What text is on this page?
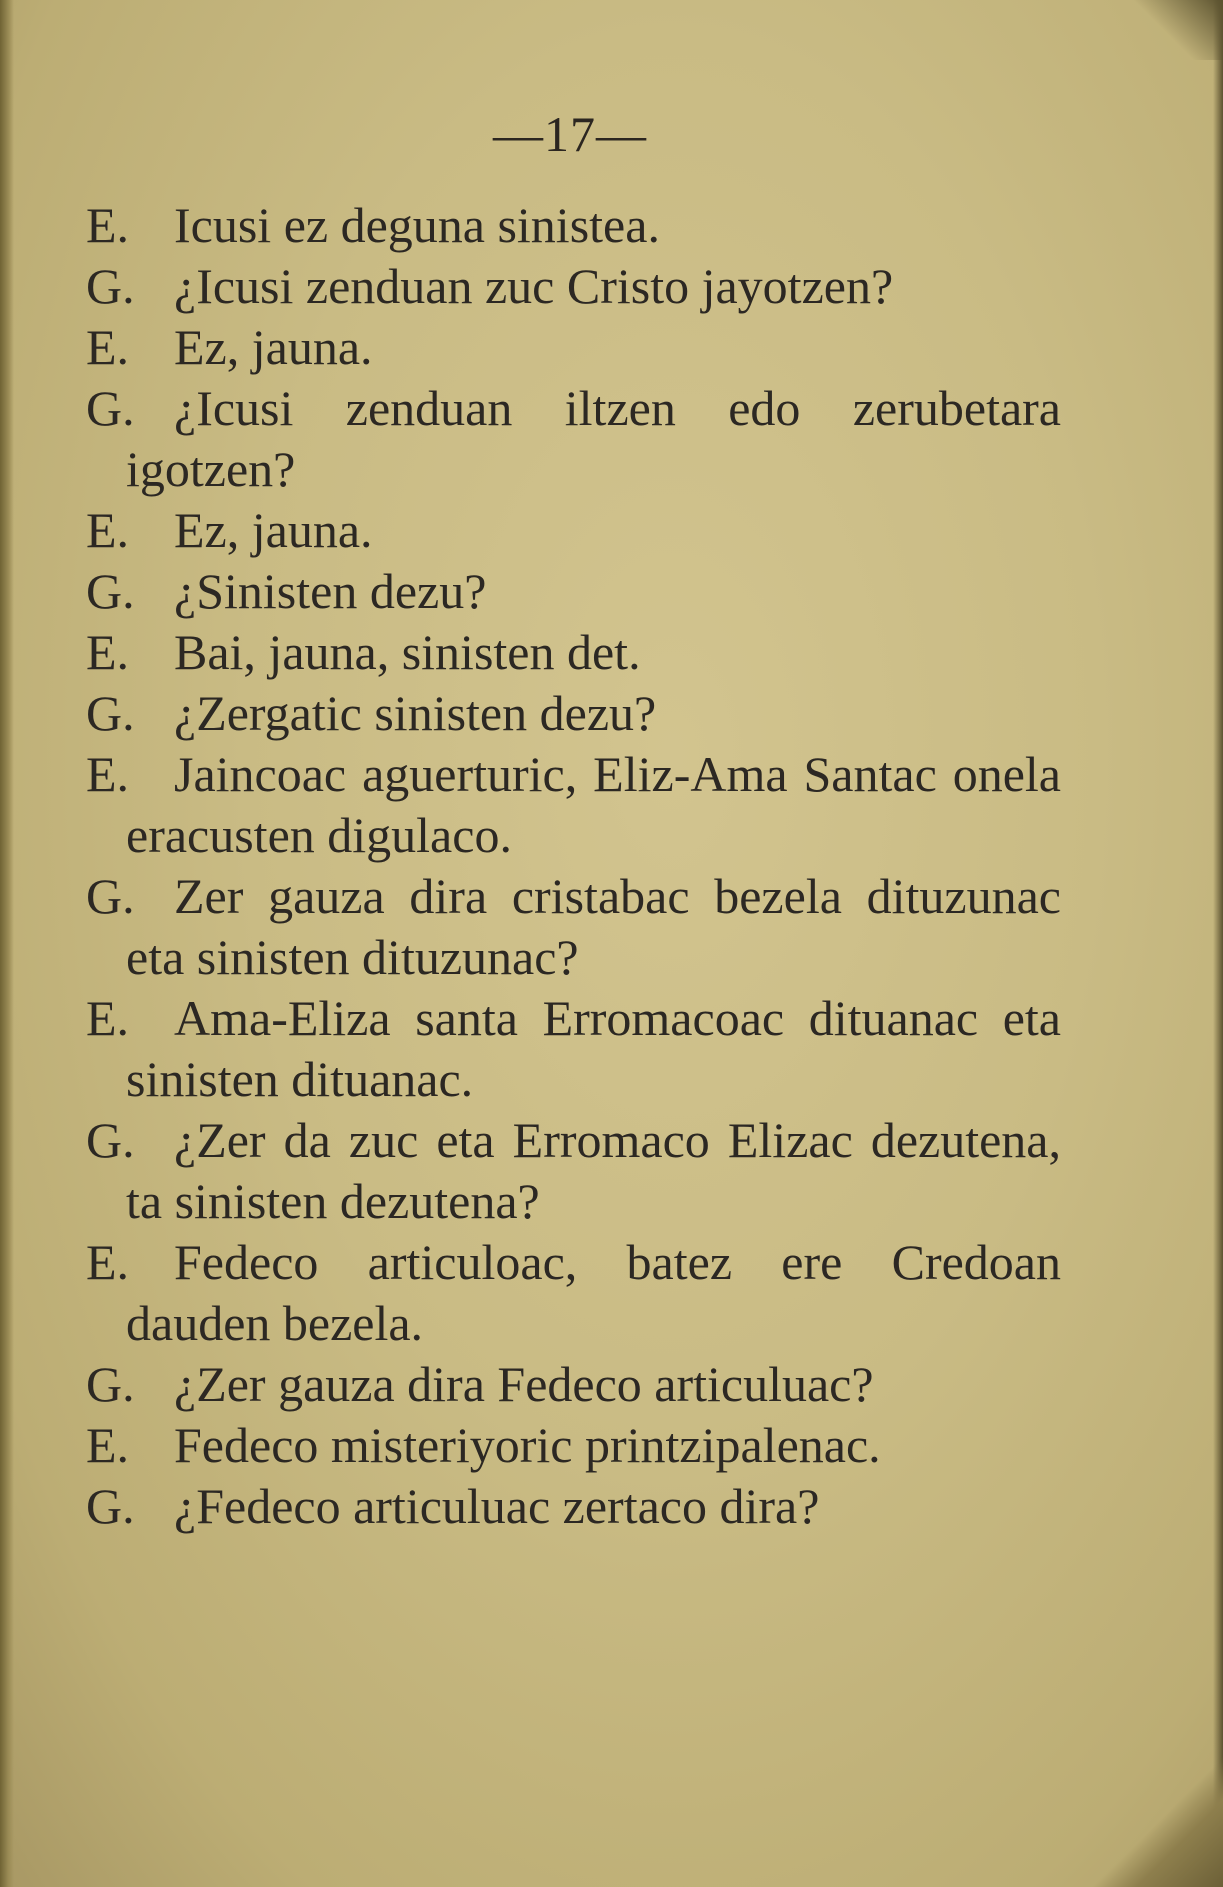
—17—
E. Icusi ez deguna sinistea.
G. ¿Icusi zenduan zuc Cristo jayotzen?
E. Ez, jauna.
G. ¿Icusi zenduan iltzen edo zerubetara igotzen?
E. Ez, jauna.
G. ¿Sinisten dezu?
E. Bai, jauna, sinisten det.
G. ¿Zergatic sinisten dezu?
E. Jaincoac aguerturic, Eliz-Ama Santac onela eracusten digulaco.
G. Zer gauza dira cristabac bezela dituzunac eta sinisten dituzunac?
E. Ama-Eliza santa Erromacoac dituanac eta sinisten dituanac.
G. ¿Zer da zuc eta Erromaco Elizac dezutena, ta sinisten dezutena?
E. Fedeco articuloac, batez ere Credoan dauden bezela.
G. ¿Zer gauza dira Fedeco articuluac?
E. Fedeco misteriyoric printzipalenac.
G. ¿Fedeco articuluac zertaco dira?
